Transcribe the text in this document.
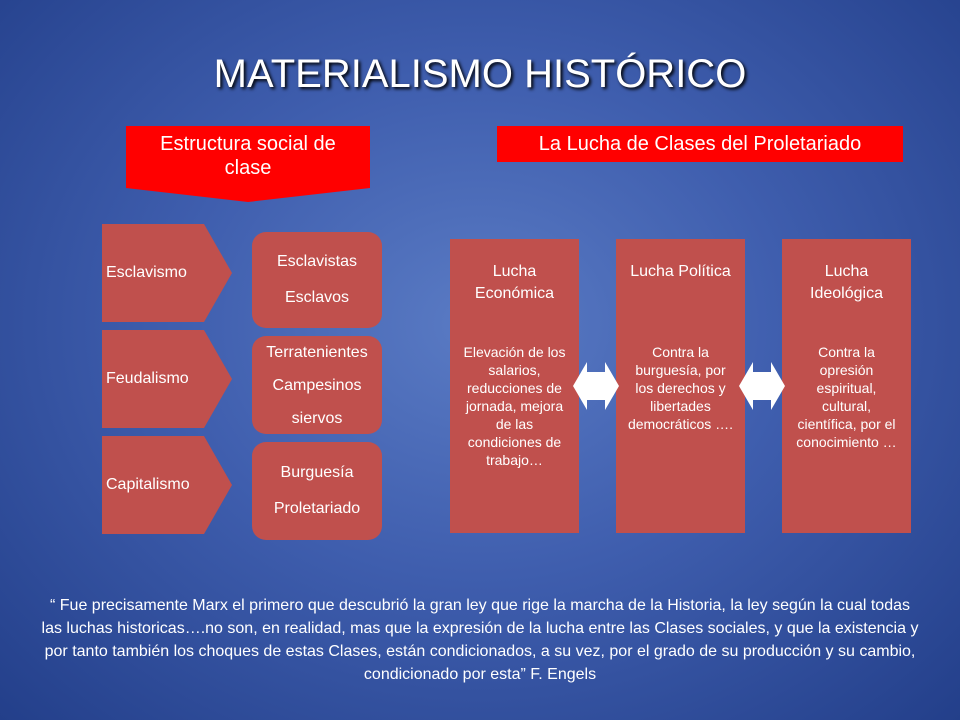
MATERIALISMO HISTÓRICO
Estructura social de clase
La Lucha de Clases del Proletariado
Esclavismo
Feudalismo
Capitalismo
Esclavistas
Esclavos
Terratenientes
Campesinos
siervos
Burguesía
Proletariado
Lucha Económica
Elevación de los salarios, reducciones de jornada, mejora de las condiciones de trabajo…
Lucha Política
Contra la burguesía, por los derechos y libertades democráticos ….
Lucha Ideológica
Contra la opresión espiritual, cultural, científica, por el conocimiento …
“ Fue precisamente Marx el primero que descubrió la gran ley que rige la marcha de la Historia, la ley según la cual todas las luchas historicas….no son, en realidad, mas que la expresión de la lucha entre las Clases sociales, y que la existencia y por tanto también los choques de estas Clases, están condicionados, a su vez, por el grado de su producción y su cambio, condicionado por esta” F. Engels
